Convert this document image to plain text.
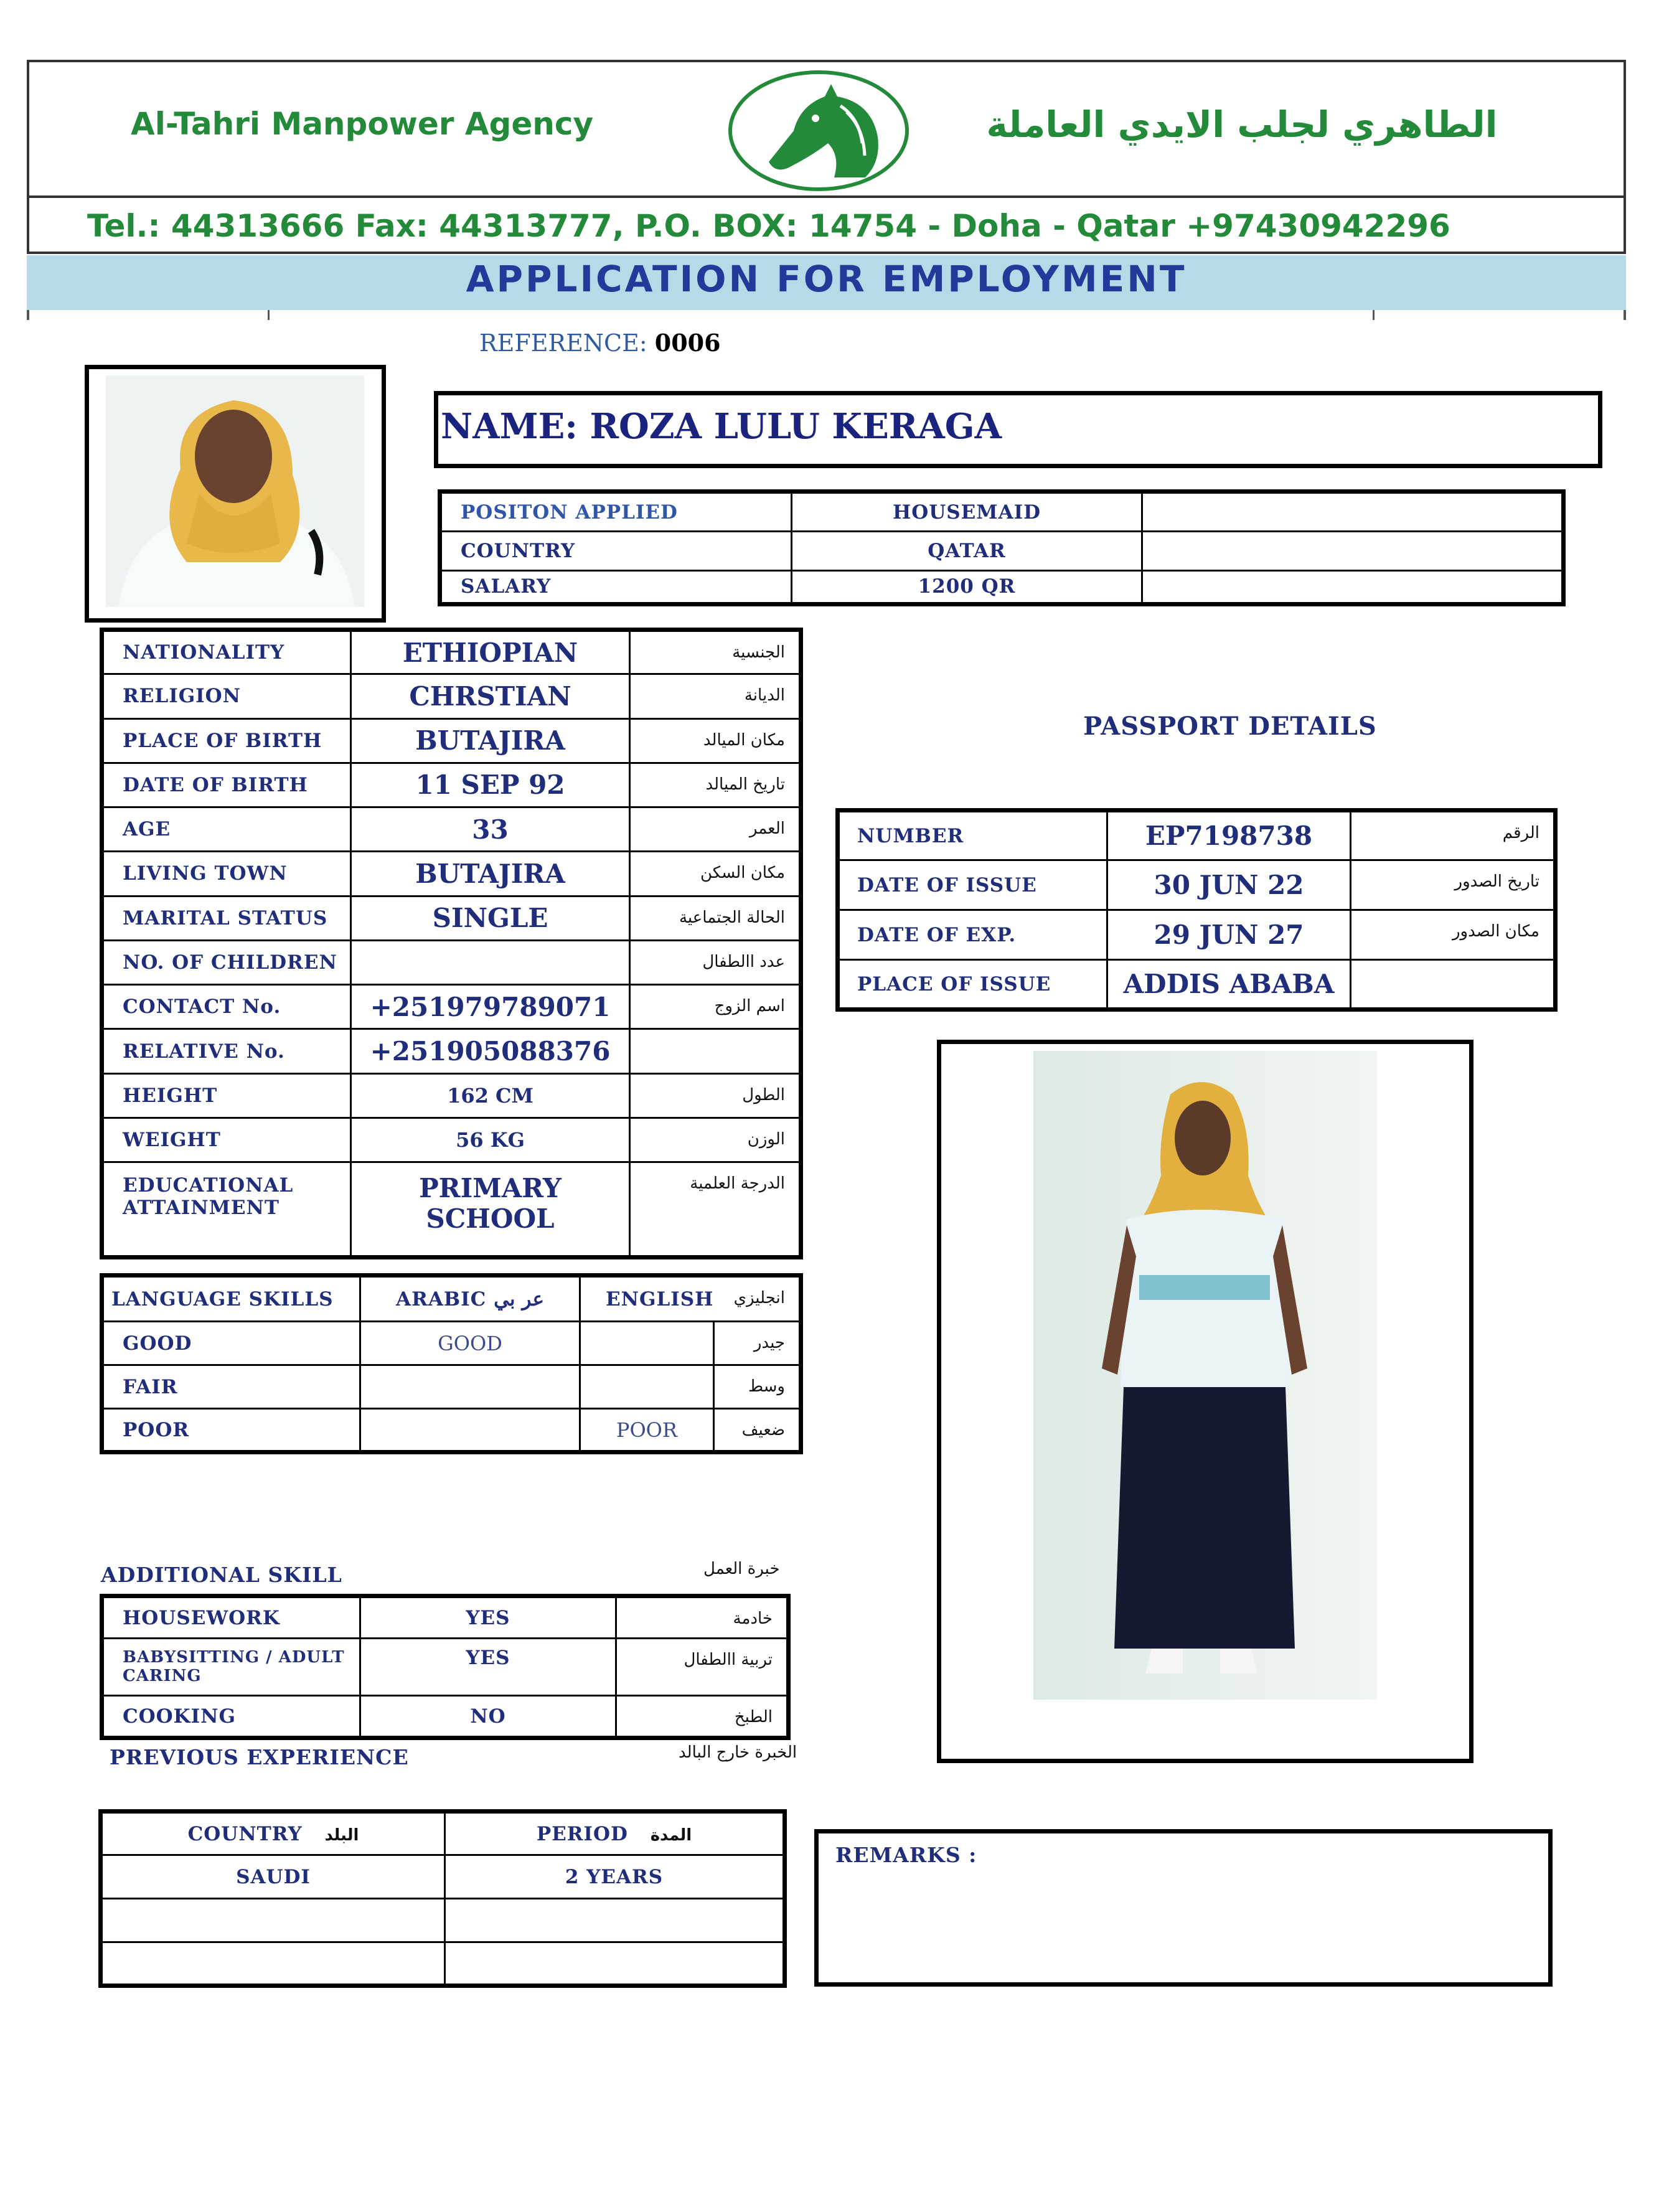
Al-Tahri Manpower Agency	الطاهري لجلب الايدي العاملة
Tel.: 44313666 Fax: 44313777, P.O. BOX: 14754 - Doha - Qatar +97430942296
APPLICATION FOR EMPLOYMENT
REFERENCE: 0006
NAME: ROZA LULU KERAGA
POSITON APPLIED	HOUSEMAID	
COUNTRY	QATAR	
SALARY	1200 QR	
NATIONALITY	ETHIOPIAN	الجنسية
RELIGION	CHRSTIAN	الديانة
PLACE OF BIRTH	BUTAJIRA	مكان الميالد
DATE OF BIRTH	11 SEP 92	تاريخ الميالد
AGE	33	العمر
LIVING TOWN	BUTAJIRA	مكان السكن
MARITAL STATUS	SINGLE	الحالة الجتماعية
NO. OF CHILDREN		عدد االطفال
CONTACT No.	+251979789071	اسم الزوج
RELATIVE No.	+251905088376	
HEIGHT	162 CM	الطول
WEIGHT	56 KG	الوزن
EDUCATIONAL ATTAINMENT	PRIMARY SCHOOL	الدرجة العلمية
PASSPORT DETAILS
NUMBER	EP7198738	الرقم
DATE OF ISSUE	30 JUN 22	تاريخ الصدور
DATE OF EXP.	29 JUN 27	مكان الصدور
PLACE OF ISSUE	ADDIS ABABA	
LANGUAGE SKILLS	ARABIC عر بي	ENGLISH	انجليزي
GOOD	GOOD		جيدر
FAIR			وسط
POOR		POOR	ضعيف
ADDITIONAL SKILL	خبرة العمل
HOUSEWORK	YES	خادمة
BABYSITTING / ADULT CARING	YES	تربية االطفال
COOKING	NO	الطبخ
PREVIOUS EXPERIENCE	الخبرة خارج البالد
COUNTRY البلد	PERIOD المدة
SAUDI	2 YEARS

REMARKS :
